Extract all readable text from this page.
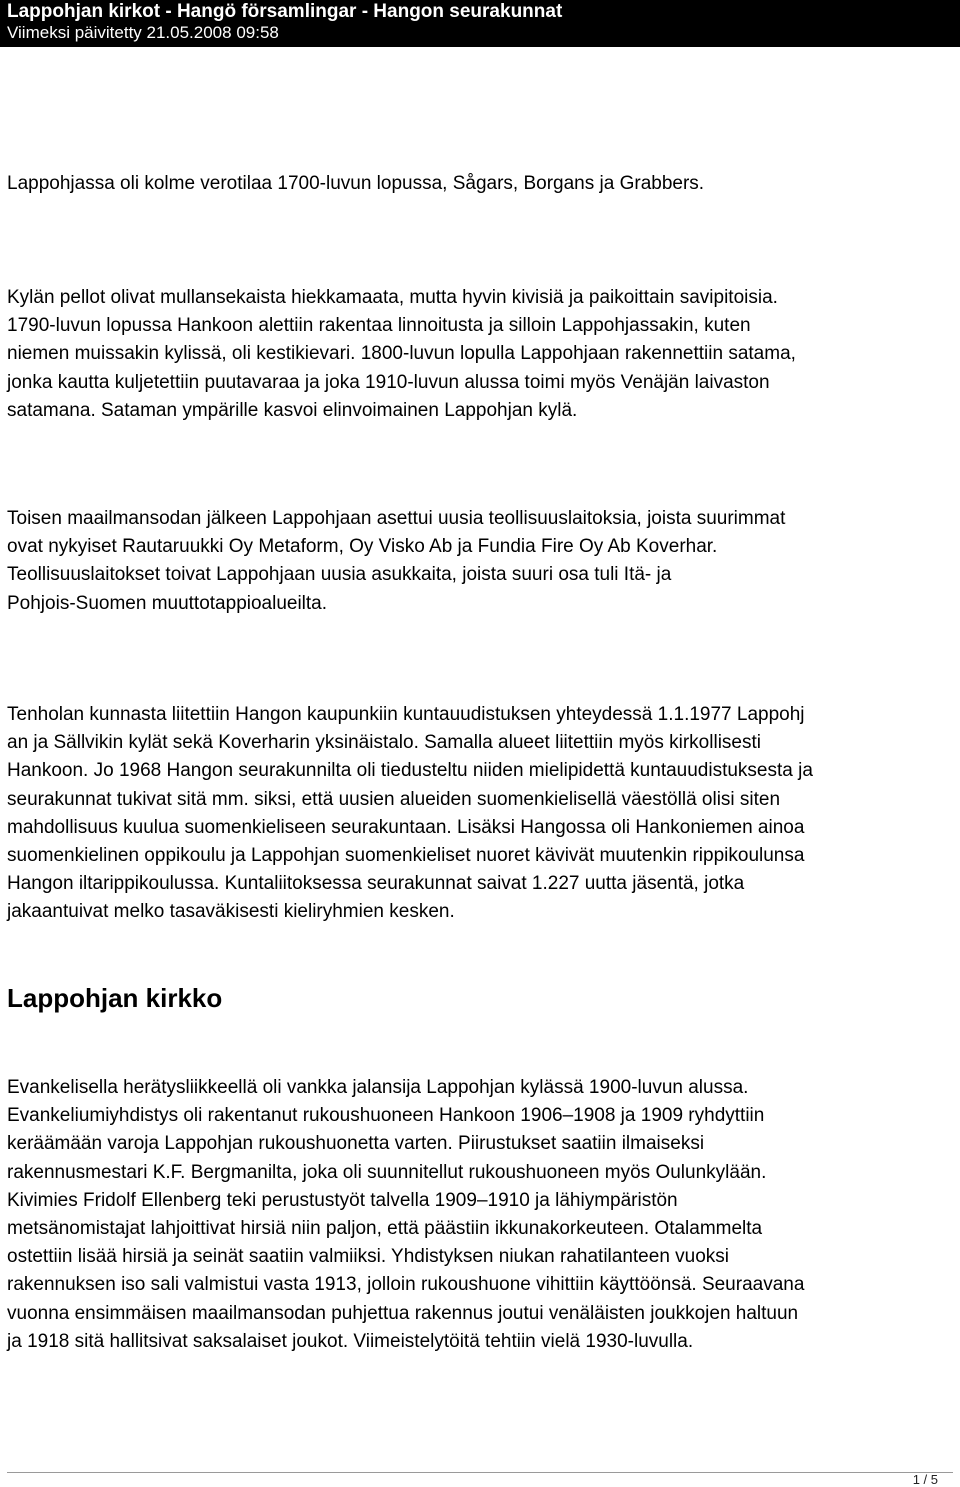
Lappohjan kirkot - Hangö församlingar - Hangon seurakunnat
Viimeksi päivitetty 21.05.2008 09:58

Lappohjassa oli kolme verotilaa 1700-luvun lopussa, Sågars, Borgans ja Grabbers.

Kylän pellot olivat mullansekaista hiekkamaata, mutta hyvin kivisiä ja paikoittain savipitoisia.
1790-luvun lopussa Hankoon alettiin rakentaa linnoitusta ja silloin Lappohjassakin, kuten
niemen muissakin kylissä, oli kestikievari. 1800-luvun lopulla Lappohjaan rakennettiin satama,
jonka kautta kuljetettiin puutavaraa ja joka 1910-luvun alussa toimi myös Venäjän laivaston
satamana. Sataman ympärille kasvoi elinvoimainen Lappohjan kylä.

Toisen maailmansodan jälkeen Lappohjaan asettui uusia teollisuuslaitoksia, joista suurimmat
ovat nykyiset Rautaruukki Oy Metaform, Oy Visko Ab ja Fundia Fire Oy Ab Koverhar.
Teollisuuslaitokset toivat Lappohjaan uusia asukkaita, joista suuri osa tuli Itä- ja
Pohjois-Suomen muuttotappioalueilta.

Tenholan kunnasta liitettiin Hangon kaupunkiin kuntauudistuksen yhteydessä 1.1.1977 Lappohj
an ja Sällvikin kylät sekä Koverharin yksinäistalo. Samalla alueet liitettiin myös kirkollisesti
Hankoon. Jo 1968 Hangon seurakunnilta oli tiedusteltu niiden mielipidettä kuntauudistuksesta ja
seurakunnat tukivat sitä mm. siksi, että uusien alueiden suomenkielisellä väestöllä olisi siten
mahdollisuus kuulua suomenkieliseen seurakuntaan. Lisäksi Hangossa oli Hankoniemen ainoa
suomenkielinen oppikoulu ja Lappohjan suomenkieliset nuoret kävivät muutenkin rippikoulunsa
Hangon iltarippikoulussa. Kuntaliitoksessa seurakunnat saivat 1.227 uutta jäsentä, jotka
jakaantuivat melko tasaväkisesti kieliryhmien kesken.

Lappohjan kirkko

Evankelisella herätysliikkeellä oli vankka jalansija Lappohjan kylässä 1900-luvun alussa.
Evankeliumiyhdistys oli rakentanut rukoushuoneen Hankoon 1906–1908 ja 1909 ryhdyttiin
keräämään varoja Lappohjan rukoushuonetta varten. Piirustukset saatiin ilmaiseksi
rakennusmestari K.F. Bergmanilta, joka oli suunnitellut rukoushuoneen myös Oulunkylään.
Kivimies Fridolf Ellenberg teki perustustyöt talvella 1909–1910 ja lähiympäristön
metsänomistajat lahjoittivat hirsiä niin paljon, että päästiin ikkunakorkeuteen. Otalammelta
ostettiin lisää hirsiä ja seinät saatiin valmiiksi. Yhdistyksen niukan rahatilanteen vuoksi
rakennuksen iso sali valmistui vasta 1913, jolloin rukoushuone vihittiin käyttöönsä. Seuraavana
vuonna ensimmäisen maailmansodan puhjettua rakennus joutui venäläisten joukkojen haltuun
ja 1918 sitä hallitsivat saksalaiset joukot. Viimeistelytöitä tehtiin vielä 1930-luvulla.

1 / 5
